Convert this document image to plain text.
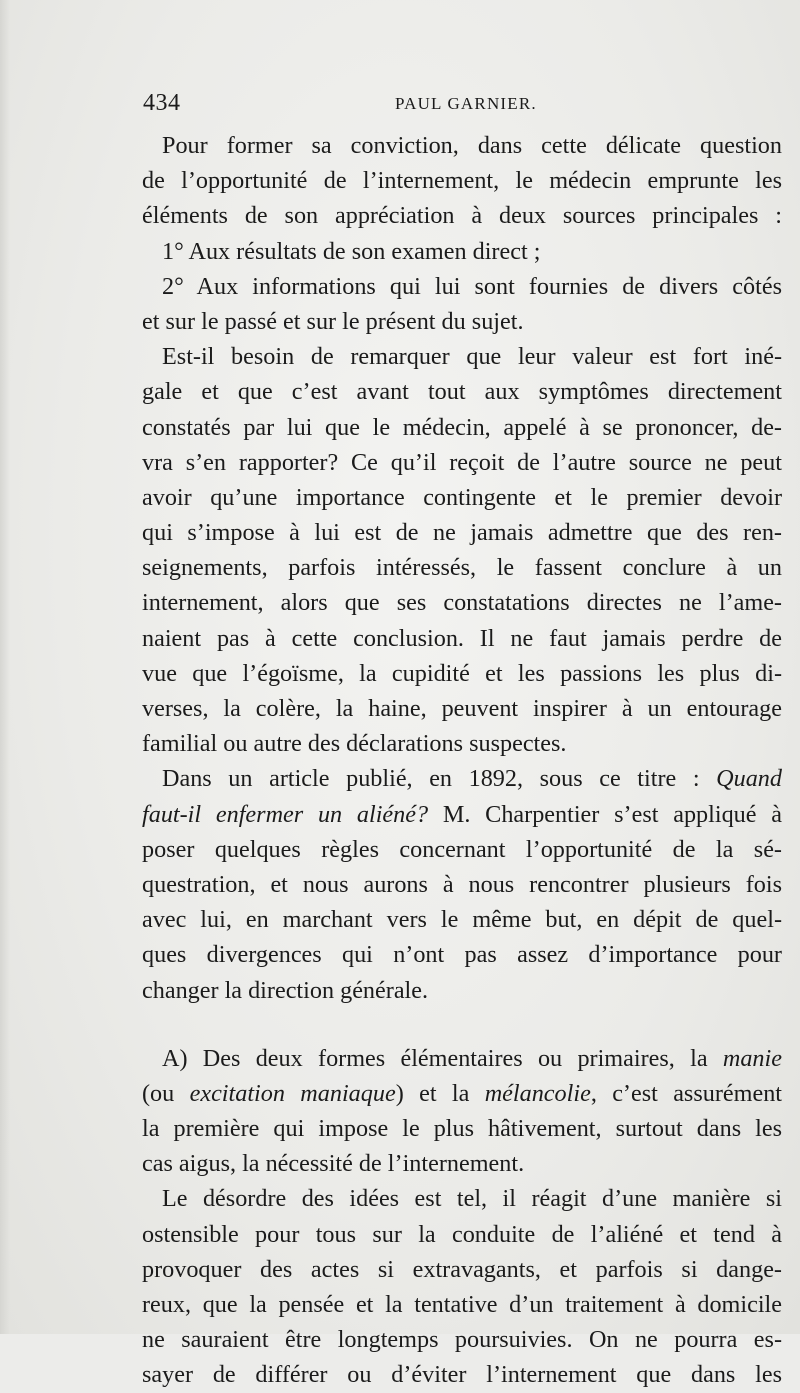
434	PAUL GARNIER.
Pour former sa conviction, dans cette délicate question
de l’opportunité de l’internement, le médecin emprunte les
éléments de son appréciation à deux sources principales :
1° Aux résultats de son examen direct ;
2° Aux informations qui lui sont fournies de divers côtés
et sur le passé et sur le présent du sujet.
Est-il besoin de remarquer que leur valeur est fort iné-
gale et que c’est avant tout aux symptômes directement
constatés par lui que le médecin, appelé à se prononcer, de-
vra s’en rapporter? Ce qu’il reçoit de l’autre source ne peut
avoir qu’une importance contingente et le premier devoir
qui s’impose à lui est de ne jamais admettre que des ren-
seignements, parfois intéressés, le fassent conclure à un
internement, alors que ses constatations directes ne l’ame-
naient pas à cette conclusion. Il ne faut jamais perdre de
vue que l’égoïsme, la cupidité et les passions les plus di-
verses, la colère, la haine, peuvent inspirer à un entourage
familial ou autre des déclarations suspectes.
Dans un article publié, en 1892, sous ce titre : Quand
faut-il enfermer un aliéné? M. Charpentier s’est appliqué à
poser quelques règles concernant l’opportunité de la sé-
questration, et nous aurons à nous rencontrer plusieurs fois
avec lui, en marchant vers le même but, en dépit de quel-
ques divergences qui n’ont pas assez d’importance pour
changer la direction générale.
A) Des deux formes élémentaires ou primaires, la manie
(ou excitation maniaque) et la mélancolie, c’est assurément
la première qui impose le plus hâtivement, surtout dans les
cas aigus, la nécessité de l’internement.
Le désordre des idées est tel, il réagit d’une manière si
ostensible pour tous sur la conduite de l’aliéné et tend à
provoquer des actes si extravagants, et parfois si dange-
reux, que la pensée et la tentative d’un traitement à domicile
ne sauraient être longtemps poursuivies. On ne pourra es-
sayer de différer ou d’éviter l’internement que dans les
